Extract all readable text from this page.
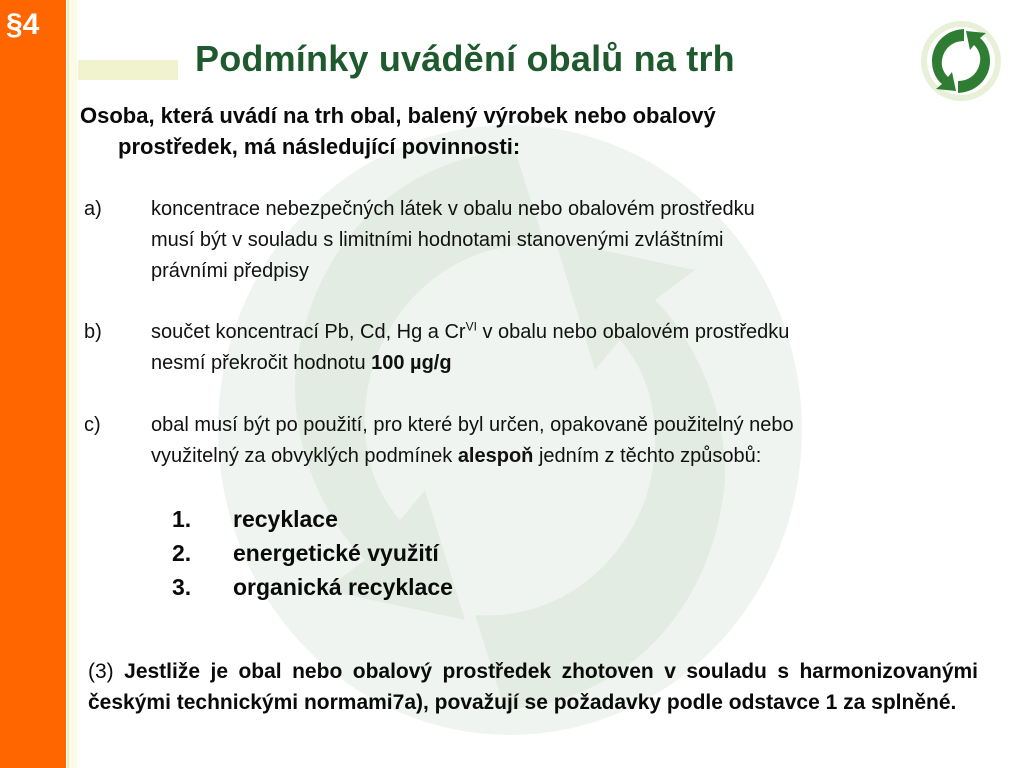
§4
Podmínky uvádění obalů na trh
Osoba, která uvádí na trh obal, balený výrobek nebo obalový
prostředek, má následující povinnosti:
a) koncentrace nebezpečných látek v obalu nebo obalovém prostředku
musí být v souladu s limitními hodnotami stanovenými zvláštními
právními předpisy
b) součet koncentrací Pb, Cd, Hg a $Cr^{VI}$ v obalu nebo obalovém prostředku
nesmí překročit hodnotu 100 µg/g
c)	obal musí být po použití, pro které byl určen, opakovaně použitelný nebo
využitelný za obvyklých podmínek alespoň jedním z těchto způsobů:
1. recyklace
2. energetické využití
3. organická recyklace

(3) Jestliže je obal nebo obalový prostředek zhotoven v souladu s harmonizovanými českými technickými normami7a), považují se požadavky podle odstavce 1 za splněné.
